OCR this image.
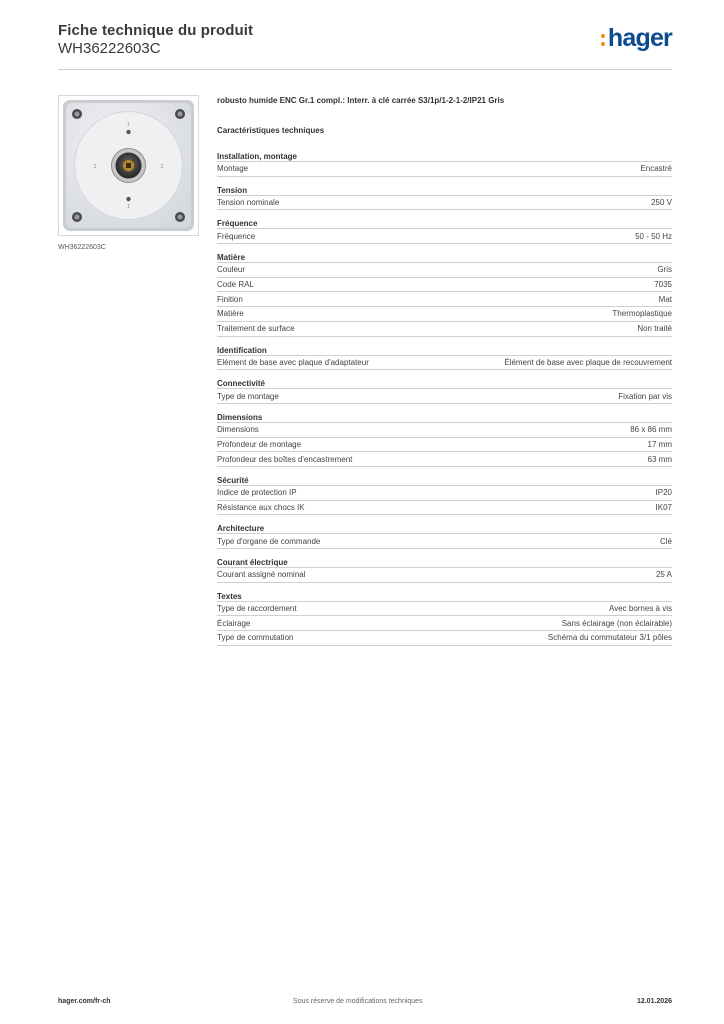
Fiche technique du produit
WH36222603C	hager
1
2	2
1
WH36222603C
robusto humide ENC Gr.1 compl.: Interr. à clé carrée S3/1p/1-2-1-2/IP21 Gris
Caractéristiques techniques
Installation, montage
Montage	Encastré
Tension
Tension nominale	250 V
Fréquence
Fréquence	50 - 50 Hz
Matière
Couleur	Gris
Code RAL	7035
Finition	Mat
Matière	Thermoplastique
Traitement de surface	Non traité
Identification
Elément de base avec plaque d'adaptateur	Élément de base avec plaque de recouvrement
Connectivité
Type de montage	Fixation par vis
Dimensions
Dimensions	86 x 86 mm
Profondeur de montage	17 mm
Profondeur des boîtes d'encastrement	63 mm
Sécurité
Indice de protection IP	IP20
Résistance aux chocs IK	IK07
Architecture
Type d'organe de commande	Clé
Courant électrique
Courant assigné nominal	25 A
Textes
Type de raccordement	Avec bornes à vis
Éclairage	Sans éclairage (non éclairable)
Type de commutation	Schéma du commutateur 3/1 pôles
hager.com/fr-ch	Sous réserve de modifications techniques	12.01.2026
